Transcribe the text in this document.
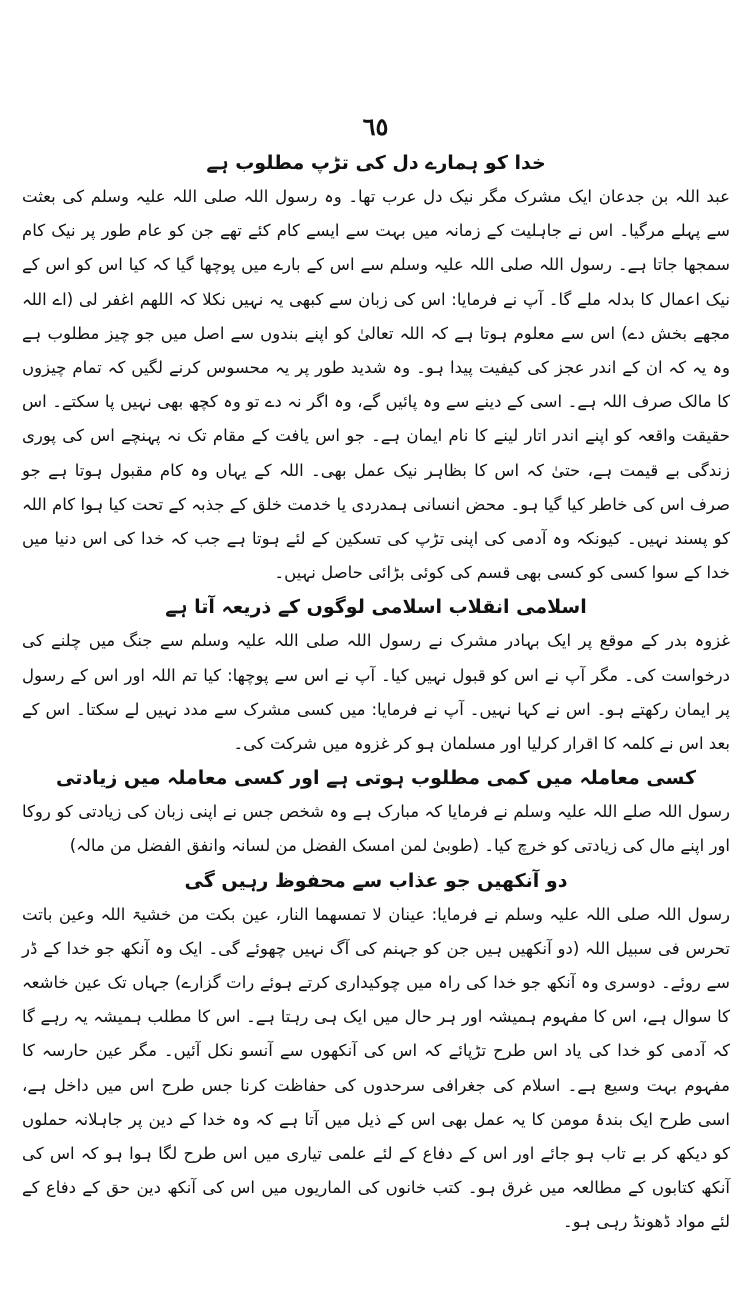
٦٥
خدا کو ہمارے دل کی تڑپ مطلوب ہے

عبد اللہ بن جدعان ایک مشرک مگر نیک دل عرب تھا۔ وہ رسول اللہ صلی اللہ علیہ وسلم کی بعثت سے پہلے مرگیا۔ اس نے جاہلیت کے زمانہ میں بہت سے ایسے کام کئے تھے جن کو عام طور پر نیک کام سمجھا جاتا ہے۔ رسول اللہ صلی اللہ علیہ وسلم سے اس کے بارے میں پوچھا گیا کہ کیا اس کو اس کے نیک اعمال کا بدلہ ملے گا۔ آپ نے فرمایا: اس کی زبان سے کبھی یہ نہیں نکلا کہ اللھم اغفر لی (اے اللہ مجھے بخش دے) اس سے معلوم ہوتا ہے کہ اللہ تعالیٰ کو اپنے بندوں سے اصل میں جو چیز مطلوب ہے وہ یہ کہ ان کے اندر عجز کی کیفیت پیدا ہو۔ وہ شدید طور پر یہ محسوس کرنے لگیں کہ تمام چیزوں کا مالک صرف اللہ ہے۔ اسی کے دینے سے وہ پائیں گے، وہ اگر نہ دے تو وہ کچھ بھی نہیں پا سکتے۔ اس حقیقت واقعہ کو اپنے اندر اتار لینے کا نام ایمان ہے۔ جو اس یافت کے مقام تک نہ پہنچے اس کی پوری زندگی بے قیمت ہے، حتیٰ کہ اس کا بظاہر نیک عمل بھی۔ اللہ کے یہاں وہ کام مقبول ہوتا ہے جو صرف اس کی خاطر کیا گیا ہو۔ محض انسانی ہمدردی یا خدمت خلق کے جذبہ کے تحت کیا ہوا کام اللہ کو پسند نہیں۔ کیونکہ وہ آدمی کی اپنی تڑپ کی تسکین کے لئے ہوتا ہے جب کہ خدا کی اس دنیا میں خدا کے سوا کسی کو کسی بھی قسم کی کوئی بڑائی حاصل نہیں۔

اسلامی انقلاب اسلامی لوگوں کے ذریعہ آتا ہے

غزوہ بدر کے موقع پر ایک بہادر مشرک نے رسول اللہ صلی اللہ علیہ وسلم سے جنگ میں چلنے کی درخواست کی۔ مگر آپ نے اس کو قبول نہیں کیا۔ آپ نے اس سے پوچھا: کیا تم اللہ اور اس کے رسول پر ایمان رکھتے ہو۔ اس نے کہا نہیں۔ آپ نے فرمایا: میں کسی مشرک سے مدد نہیں لے سکتا۔ اس کے بعد اس نے کلمہ کا اقرار کرلیا اور مسلمان ہو کر غزوہ میں شرکت کی۔

کسی معاملہ میں کمی مطلوب ہوتی ہے اور کسی معاملہ میں زیادتی

رسول اللہ صلے اللہ علیہ وسلم نے فرمایا کہ مبارک ہے وہ شخص جس نے اپنی زبان کی زیادتی کو روکا اور اپنے مال کی زیادتی کو خرچ کیا۔ (طوبیٰ لمن امسک الفضل من لسانہ وانفق الفضل من مالہ)

دو آنکھیں جو عذاب سے محفوظ رہیں گی

رسول اللہ صلی اللہ علیہ وسلم نے فرمایا: عینان لا تمسھما النار، عین بکت من خشیۃ اللہ وعین باتت تحرس فی سبیل اللہ (دو آنکھیں ہیں جن کو جہنم کی آگ نہیں چھوئے گی۔ ایک وہ آنکھ جو خدا کے ڈر سے روئے۔ دوسری وہ آنکھ جو خدا کی راہ میں چوکیداری کرتے ہوئے رات گزارے) جہاں تک عین خاشعہ کا سوال ہے، اس کا مفہوم ہمیشہ اور ہر حال میں ایک ہی رہتا ہے۔ اس کا مطلب ہمیشہ یہ رہے گا کہ آدمی کو خدا کی یاد اس طرح تڑپائے کہ اس کی آنکھوں سے آنسو نکل آئیں۔ مگر عین حارسہ کا مفہوم بہت وسیع ہے۔ اسلام کی جغرافی سرحدوں کی حفاظت کرنا جس طرح اس میں داخل ہے، اسی طرح ایک بندۂ مومن کا یہ عمل بھی اس کے ذیل میں آتا ہے کہ وہ خدا کے دین پر جاہلانہ حملوں کو دیکھ کر بے تاب ہو جائے اور اس کے دفاع کے لئے علمی تیاری میں اس طرح لگا ہوا ہو کہ اس کی آنکھ کتابوں کے مطالعہ میں غرق ہو۔ کتب خانوں کی الماریوں میں اس کی آنکھ دین حق کے دفاع کے لئے مواد ڈھونڈ رہی ہو۔
